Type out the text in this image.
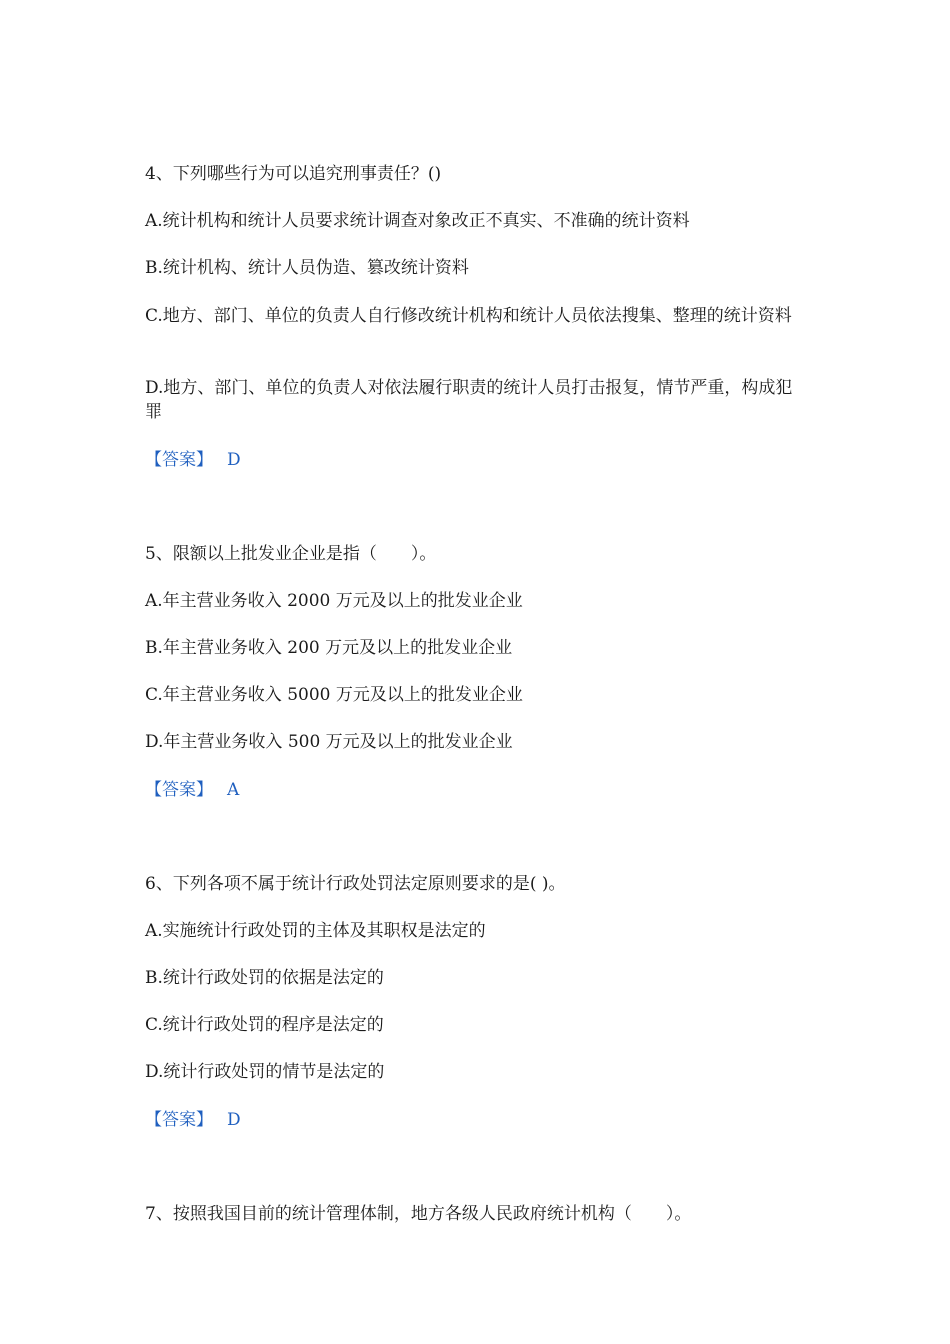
4、下列哪些行为可以追究刑事责任？()
A.统计机构和统计人员要求统计调查对象改正不真实、不准确的统计资料
B.统计机构、统计人员伪造、篡改统计资料
C.地方、部门、单位的负责人自行修改统计机构和统计人员依法搜集、整理的统计资料
D.地方、部门、单位的负责人对依法履行职责的统计人员打击报复，情节严重，构成犯罪
【答案】 D
5、限额以上批发业企业是指（　　）。
A.年主营业务收入 2000 万元及以上的批发业企业
B.年主营业务收入 200 万元及以上的批发业企业
C.年主营业务收入 5000 万元及以上的批发业企业
D.年主营业务收入 500 万元及以上的批发业企业
【答案】 A
6、下列各项不属于统计行政处罚法定原则要求的是( )。
A.实施统计行政处罚的主体及其职权是法定的
B.统计行政处罚的依据是法定的
C.统计行政处罚的程序是法定的
D.统计行政处罚的情节是法定的
【答案】 D
7、按照我国目前的统计管理体制，地方各级人民政府统计机构（　　）。
